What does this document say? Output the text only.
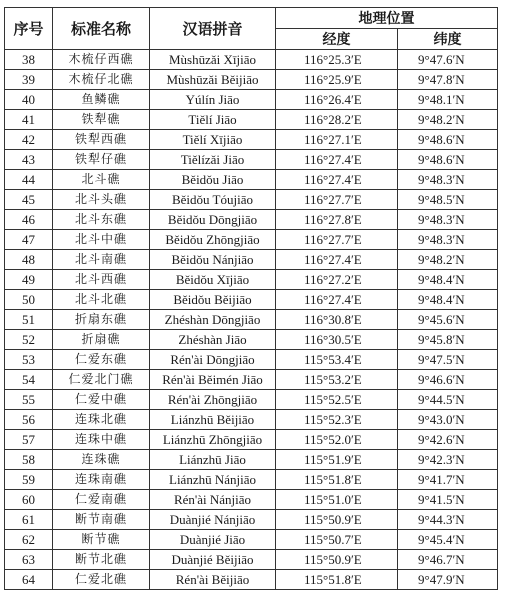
序号	标准名称	汉语拼音	地理位置	
			经度	纬度
38	木梳仔西礁	Mùshūzǎi Xījiāo	116°25.3′E	9°47.6′N
39	木梳仔北礁	Mùshūzǎi Běijiāo	116°25.9′E	9°47.8′N
40	鱼鳞礁	Yúlín Jiāo	116°26.4′E	9°48.1′N
41	铁犁礁	Tiělí Jiāo	116°28.2′E	9°48.2′N
42	铁犁西礁	Tiělí Xījiāo	116°27.1′E	9°48.6′N
43	铁犁仔礁	Tiělízǎi Jiāo	116°27.4′E	9°48.6′N
44	北斗礁	Běidǒu Jiāo	116°27.4′E	9°48.3′N
45	北斗头礁	Běidǒu Tóujiāo	116°27.7′E	9°48.5′N
46	北斗东礁	Běidǒu Dōngjiāo	116°27.8′E	9°48.3′N
47	北斗中礁	Běidǒu Zhōngjiāo	116°27.7′E	9°48.3′N
48	北斗南礁	Běidǒu Nánjiāo	116°27.4′E	9°48.2′N
49	北斗西礁	Běidǒu Xījiāo	116°27.2′E	9°48.4′N
50	北斗北礁	Běidǒu Běijiāo	116°27.4′E	9°48.4′N
51	折扇东礁	Zhéshàn Dōngjiāo	116°30.8′E	9°45.6′N
52	折扇礁	Zhéshàn Jiāo	116°30.5′E	9°45.8′N
53	仁爱东礁	Rén'ài Dōngjiāo	115°53.4′E	9°47.5′N
54	仁爱北门礁	Rén'ài Běimén Jiāo	115°53.2′E	9°46.6′N
55	仁爱中礁	Rén'ài Zhōngjiāo	115°52.5′E	9°44.5′N
56	连珠北礁	Liánzhū Běijiāo	115°52.3′E	9°43.0′N
57	连珠中礁	Liánzhū Zhōngjiāo	115°52.0′E	9°42.6′N
58	连珠礁	Liánzhū Jiāo	115°51.9′E	9°42.3′N
59	连珠南礁	Liánzhū Nánjiāo	115°51.8′E	9°41.7′N
60	仁爱南礁	Rén'ài Nánjiāo	115°51.0′E	9°41.5′N
61	断节南礁	Duànjié Nánjiāo	115°50.9′E	9°44.3′N
62	断节礁	Duànjié Jiāo	115°50.7′E	9°45.4′N
63	断节北礁	Duànjié Běijiāo	115°50.9′E	9°46.7′N
64	仁爱北礁	Rén'ài Běijiāo	115°51.8′E	9°47.9′N
